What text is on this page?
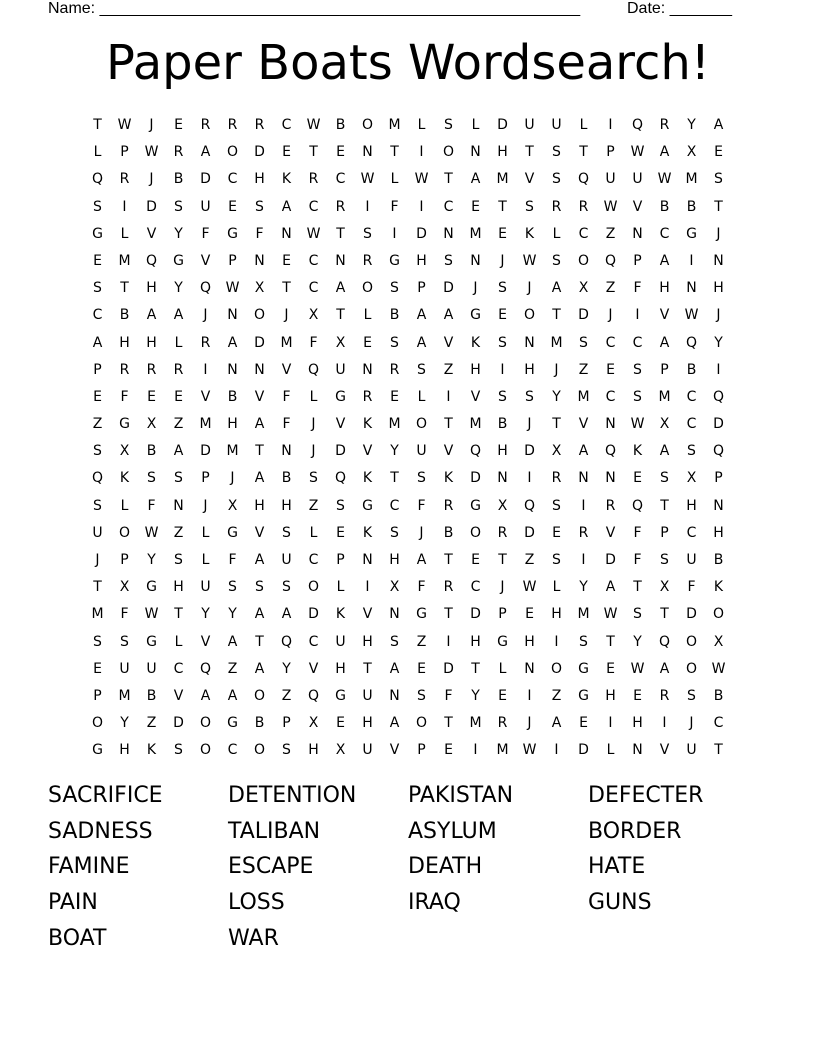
Name: ______________________________________________________	Date: _______
Paper Boats Wordsearch!
T	W	J	E	R	R	R	C	W	B	O	M	L	S	L	D	U	U	L	I	Q	R	Y	A
L	P	W	R	A	O	D	E	T	E	N	T	I	O	N	H	T	S	T	P	W	A	X	E
Q	R	J	B	D	C	H	K	R	C	W	L	W	T	A	M	V	S	Q	U	U	W	M	S
S	I	D	S	U	E	S	A	C	R	I	F	I	C	E	T	S	R	R	W	V	B	B	T
G	L	V	Y	F	G	F	N	W	T	S	I	D	N	M	E	K	L	C	Z	N	C	G	J
E	M	Q	G	V	P	N	E	C	N	R	G	H	S	N	J	W	S	O	Q	P	A	I	N
S	T	H	Y	Q	W	X	T	C	A	O	S	P	D	J	S	J	A	X	Z	F	H	N	H
C	B	A	A	J	N	O	J	X	T	L	B	A	A	G	E	O	T	D	J	I	V	W	J
A	H	H	L	R	A	D	M	F	X	E	S	A	V	K	S	N	M	S	C	C	A	Q	Y
P	R	R	R	I	N	N	V	Q	U	N	R	S	Z	H	I	H	J	Z	E	S	P	B	I
E	F	E	E	V	B	V	F	L	G	R	E	L	I	V	S	S	Y	M	C	S	M	C	Q
Z	G	X	Z	M	H	A	F	J	V	K	M	O	T	M	B	J	T	V	N	W	X	C	D
S	X	B	A	D	M	T	N	J	D	V	Y	U	V	Q	H	D	X	A	Q	K	A	S	Q
Q	K	S	S	P	J	A	B	S	Q	K	T	S	K	D	N	I	R	N	N	E	S	X	P
S	L	F	N	J	X	H	H	Z	S	G	C	F	R	G	X	Q	S	I	R	Q	T	H	N
U	O	W	Z	L	G	V	S	L	E	K	S	J	B	O	R	D	E	R	V	F	P	C	H
J	P	Y	S	L	F	A	U	C	P	N	H	A	T	E	T	Z	S	I	D	F	S	U	B
T	X	G	H	U	S	S	S	O	L	I	X	F	R	C	J	W	L	Y	A	T	X	F	K
M	F	W	T	Y	Y	A	A	D	K	V	N	G	T	D	P	E	H	M	W	S	T	D	O
S	S	G	L	V	A	T	Q	C	U	H	S	Z	I	H	G	H	I	S	T	Y	Q	O	X
E	U	U	C	Q	Z	A	Y	V	H	T	A	E	D	T	L	N	O	G	E	W	A	O	W
P	M	B	V	A	A	O	Z	Q	G	U	N	S	F	Y	E	I	Z	G	H	E	R	S	B
O	Y	Z	D	O	G	B	P	X	E	H	A	O	T	M	R	J	A	E	I	H	I	J	C
G	H	K	S	O	C	O	S	H	X	U	V	P	E	I	M	W	I	D	L	N	V	U	T
SACRIFICE	DETENTION	PAKISTAN	DEFECTER
SADNESS	TALIBAN	ASYLUM	BORDER
FAMINE	ESCAPE	DEATH	HATE
PAIN	LOSS	IRAQ	GUNS
BOAT	WAR
